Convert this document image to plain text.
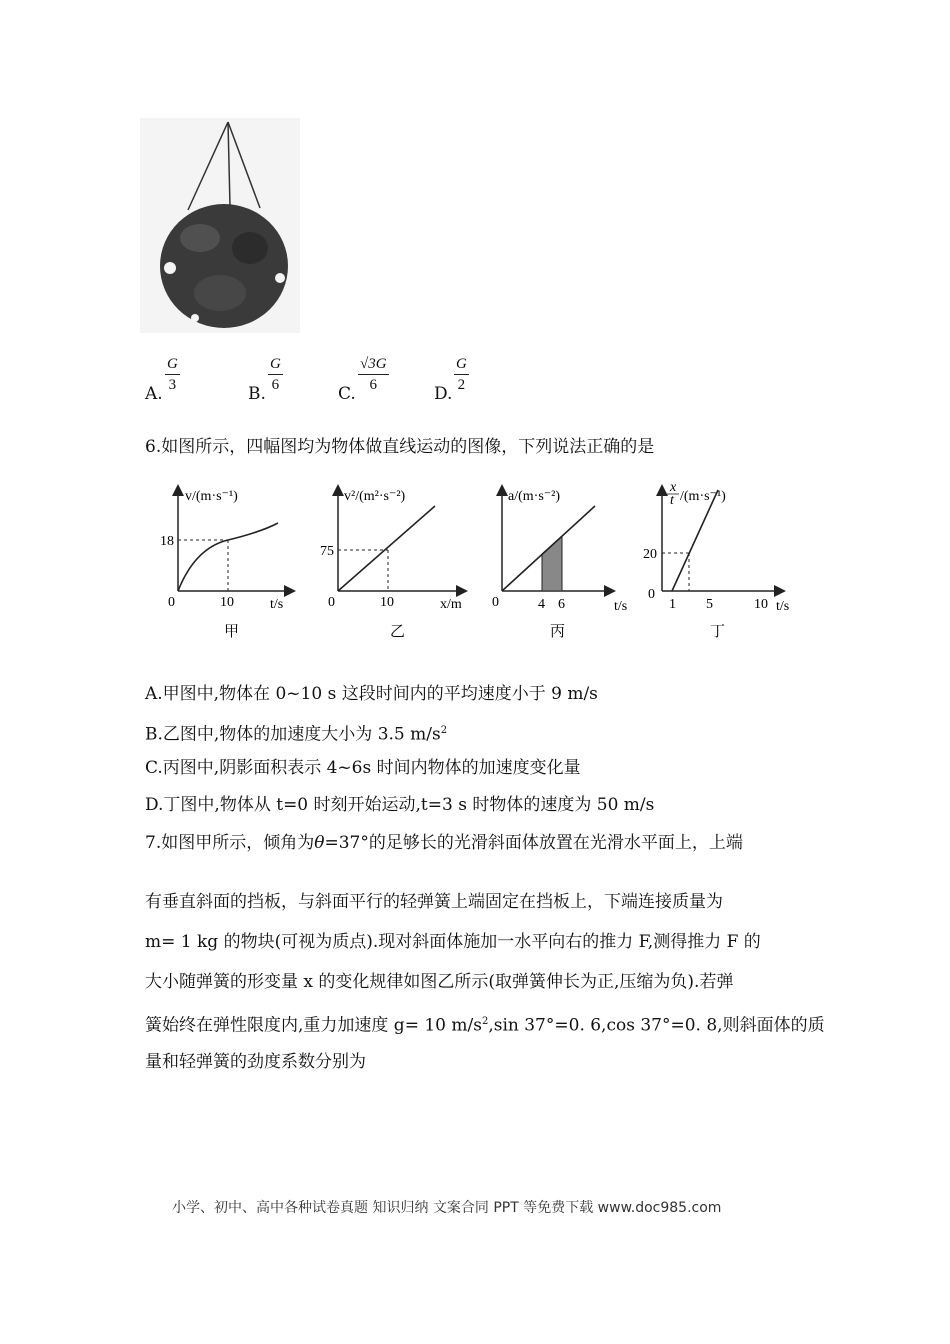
A. $\frac{G}{3}$	B. $\frac{G}{6}$	C. $\frac{√3G}{6}$	D. $\frac{G}{2}$
6.如图所示，四幅图均为物体做直线运动的图像，下列说法正确的是
v/(m·s⁻¹)
18
0	10	t/s
甲
v²/(m²·s⁻²)
75
0	10	x/m
乙
a/(m·s⁻²)
0	4 6	t/s
丙
x
t /(m·s⁻¹)
20
0
1 5	10 t/s
丁
A.甲图中,物体在 0~10 s 这段时间内的平均速度小于 9 m/s
B.乙图中,物体的加速度大小为 3.5 $m/s^2$
C.丙图中,阴影面积表示 4~6s 时间内物体的加速度变化量
D.丁图中,物体从 t=0 时刻开始运动,t=3 s 时物体的速度为 50 m/s
7.如图甲所示，倾角为θ=37°的足够长的光滑斜面体放置在光滑水平面上，上端
有垂直斜面的挡板，与斜面平行的轻弹簧上端固定在挡板上，下端连接质量为
m= 1 kg 的物块(可视为质点).现对斜面体施加一水平向右的推力 F,测得推力 F 的
大小随弹簧的形变量 x 的变化规律如图乙所示(取弹簧伸长为正,压缩为负).若弹
簧始终在弹性限度内,重力加速度 g= 10 $m/s^2,\sin$ 37°=0. 6,cos 37°=0. 8,则斜面体的质
量和轻弹簧的劲度系数分别为
小学、初中、高中各种试卷真题 知识归纳 文案合同 PPT 等免费下载 www.doc985.com
